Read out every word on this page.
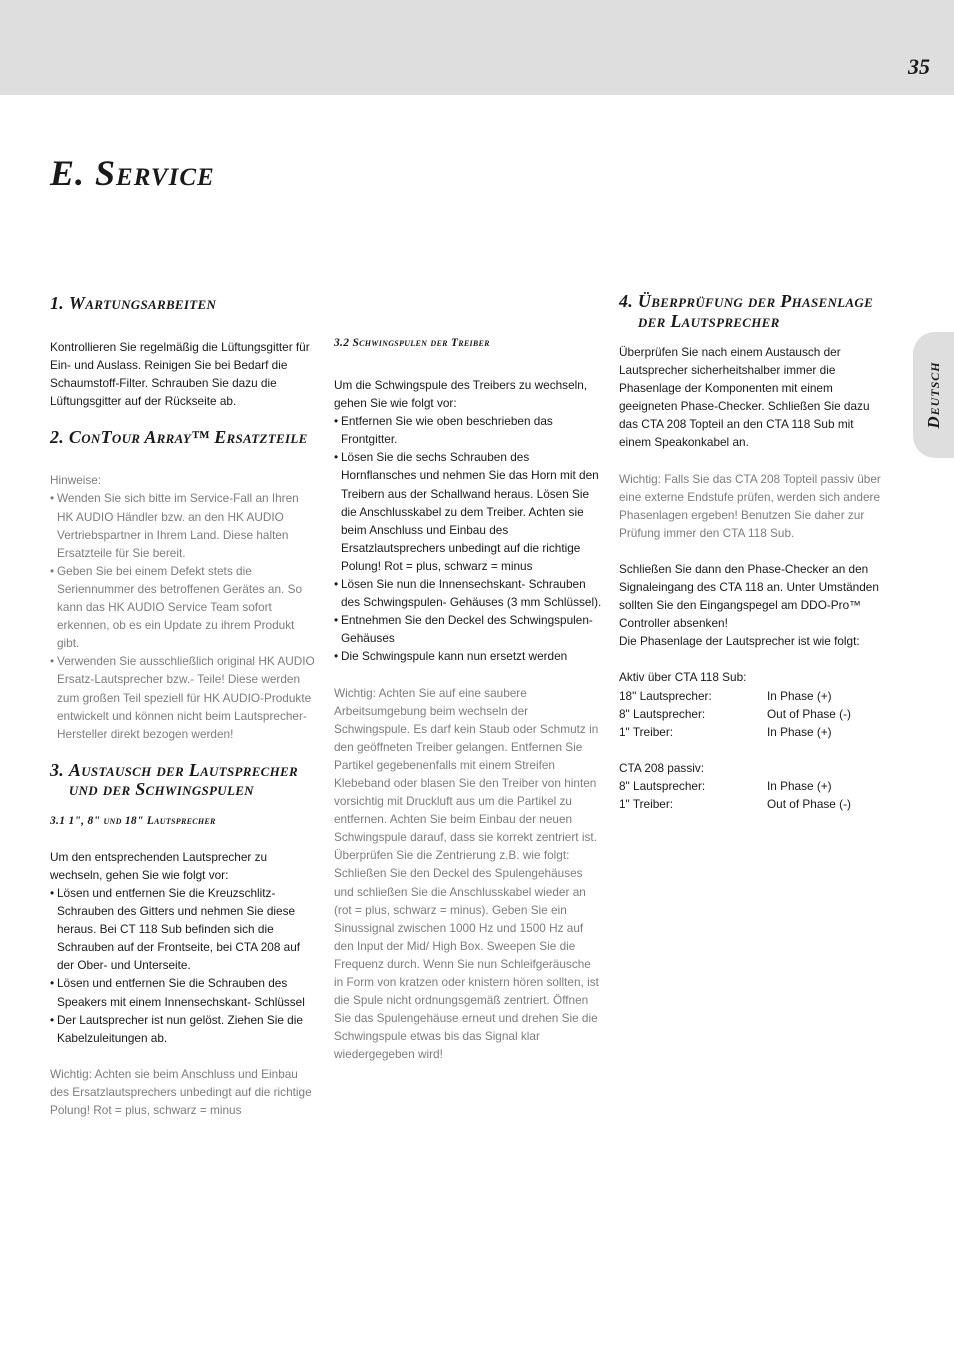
35
E. Service
Deutsch
1.
Wartungsarbeiten

Kontrollieren Sie regelmäßig die Lüftungsgitter für Ein- und Auslass. Reinigen Sie bei Bedarf die Schaumstoff-Filter. Schrauben Sie dazu die Lüftungsgitter auf der Rückseite ab.

2.
ConTour Array™ Ersatzteile

Hinweise:

• Wenden Sie sich bitte im Service-Fall an Ihren HK AUDIO Händler bzw. an den HK AUDIO Vertriebspartner in Ihrem Land. Diese halten Ersatzteile für Sie bereit.
• Geben Sie bei einem Defekt stets die Seriennummer des betroffenen Gerätes an. So kann das HK AUDIO Service Team sofort erkennen, ob es ein Update zu ihrem Produkt gibt.
• Verwenden Sie ausschließlich original HK AUDIO Ersatz-Lautsprecher bzw.- Teile! Diese werden zum großen Teil speziell für HK AUDIO-Produkte entwickelt und können nicht beim Lautsprecher-Hersteller direkt bezogen werden!
3.
Austausch der Lautsprecher und der Schwingspulen

3.1 1", 8" und 18" Lautsprecher

Um den entsprechenden Lautsprecher zu wechseln, gehen Sie wie folgt vor:

• Lösen und entfernen Sie die Kreuzschlitz-Schrauben des Gitters und nehmen Sie diese heraus. Bei CT 118 Sub befinden sich die Schrauben auf der Frontseite, bei CTA 208 auf der Ober- und Unterseite.
• Lösen und entfernen Sie die Schrauben des Speakers mit einem Innensechskant- Schlüssel
• Der Lautsprecher ist nun gelöst. Ziehen Sie die Kabelzuleitungen ab.

Wichtig: Achten sie beim Anschluss und Einbau des Ersatzlautsprechers unbedingt auf die richtige Polung! Rot = plus, schwarz = minus

3.2 Schwingspulen der Treiber

Um die Schwingspule des Treibers zu wechseln, gehen Sie wie folgt vor:

• Entfernen Sie wie oben beschrieben das Frontgitter.
• Lösen Sie die sechs Schrauben des Hornflansches und nehmen Sie das Horn mit den Treibern aus der Schallwand heraus. Lösen Sie die Anschlusskabel zu dem Treiber. Achten sie beim Anschluss und Einbau des Ersatzlautsprechers unbedingt auf die richtige Polung! Rot = plus, schwarz = minus
• Lösen Sie nun die Innensechskant- Schrauben des Schwingspulen- Gehäuses (3 mm Schlüssel).
• Entnehmen Sie den Deckel des Schwingspulen-Gehäuses
• Die Schwingspule kann nun ersetzt werden

Wichtig: Achten Sie auf eine saubere Arbeitsumgebung beim wechseln der Schwingspule. Es darf kein Staub oder Schmutz in den geöffneten Treiber gelangen. Entfernen Sie Partikel gegebenenfalls mit einem Streifen Klebeband oder blasen Sie den Treiber von hinten vorsichtig mit Druckluft aus um die Partikel zu entfernen. Achten Sie beim Einbau der neuen Schwingspule darauf, dass sie korrekt zentriert ist. Überprüfen Sie die Zentrierung z.B. wie folgt:

Schließen Sie den Deckel des Spulengehäuses und schließen Sie die Anschlusskabel wieder an (rot = plus, schwarz = minus). Geben Sie ein Sinussignal zwischen 1000 Hz und 1500 Hz auf den Input der Mid/ High Box. Sweepen Sie die Frequenz durch. Wenn Sie nun Schleifgeräusche in Form von kratzen oder knistern hören sollten, ist die Spule nicht ordnungsgemäß zentriert. Öffnen Sie das Spulengehäuse erneut und drehen Sie die Schwingspule etwas bis das Signal klar wiedergegeben wird!

4.
Überprüfung der Phasenlage der Lautsprecher

Überprüfen Sie nach einem Austausch der Lautsprecher sicherheitshalber immer die Phasenlage der Komponenten mit einem geeigneten Phase-Checker. Schließen Sie dazu das CTA 208 Topteil an den CTA 118 Sub mit einem Speakonkabel an.

Wichtig: Falls Sie das CTA 208 Topteil passiv über eine externe Endstufe prüfen, werden sich andere Phasenlagen ergeben! Benutzen Sie daher zur Prüfung immer den CTA 118 Sub.

Schließen Sie dann den Phase-Checker an den Signaleingang des CTA 118 an. Unter Umständen sollten Sie den Eingangspegel am DDO-Pro™ Controller absenken!

Die Phasenlage der Lautsprecher ist wie folgt:

Aktiv über CTA 118 Sub:

18" Lautsprecher:	In Phase (+)
8" Lautsprecher:	Out of Phase (-)
1" Treiber:	In Phase (+)

CTA 208 passiv:

8" Lautsprecher:	In Phase (+)
1" Treiber:	Out of Phase (-)
